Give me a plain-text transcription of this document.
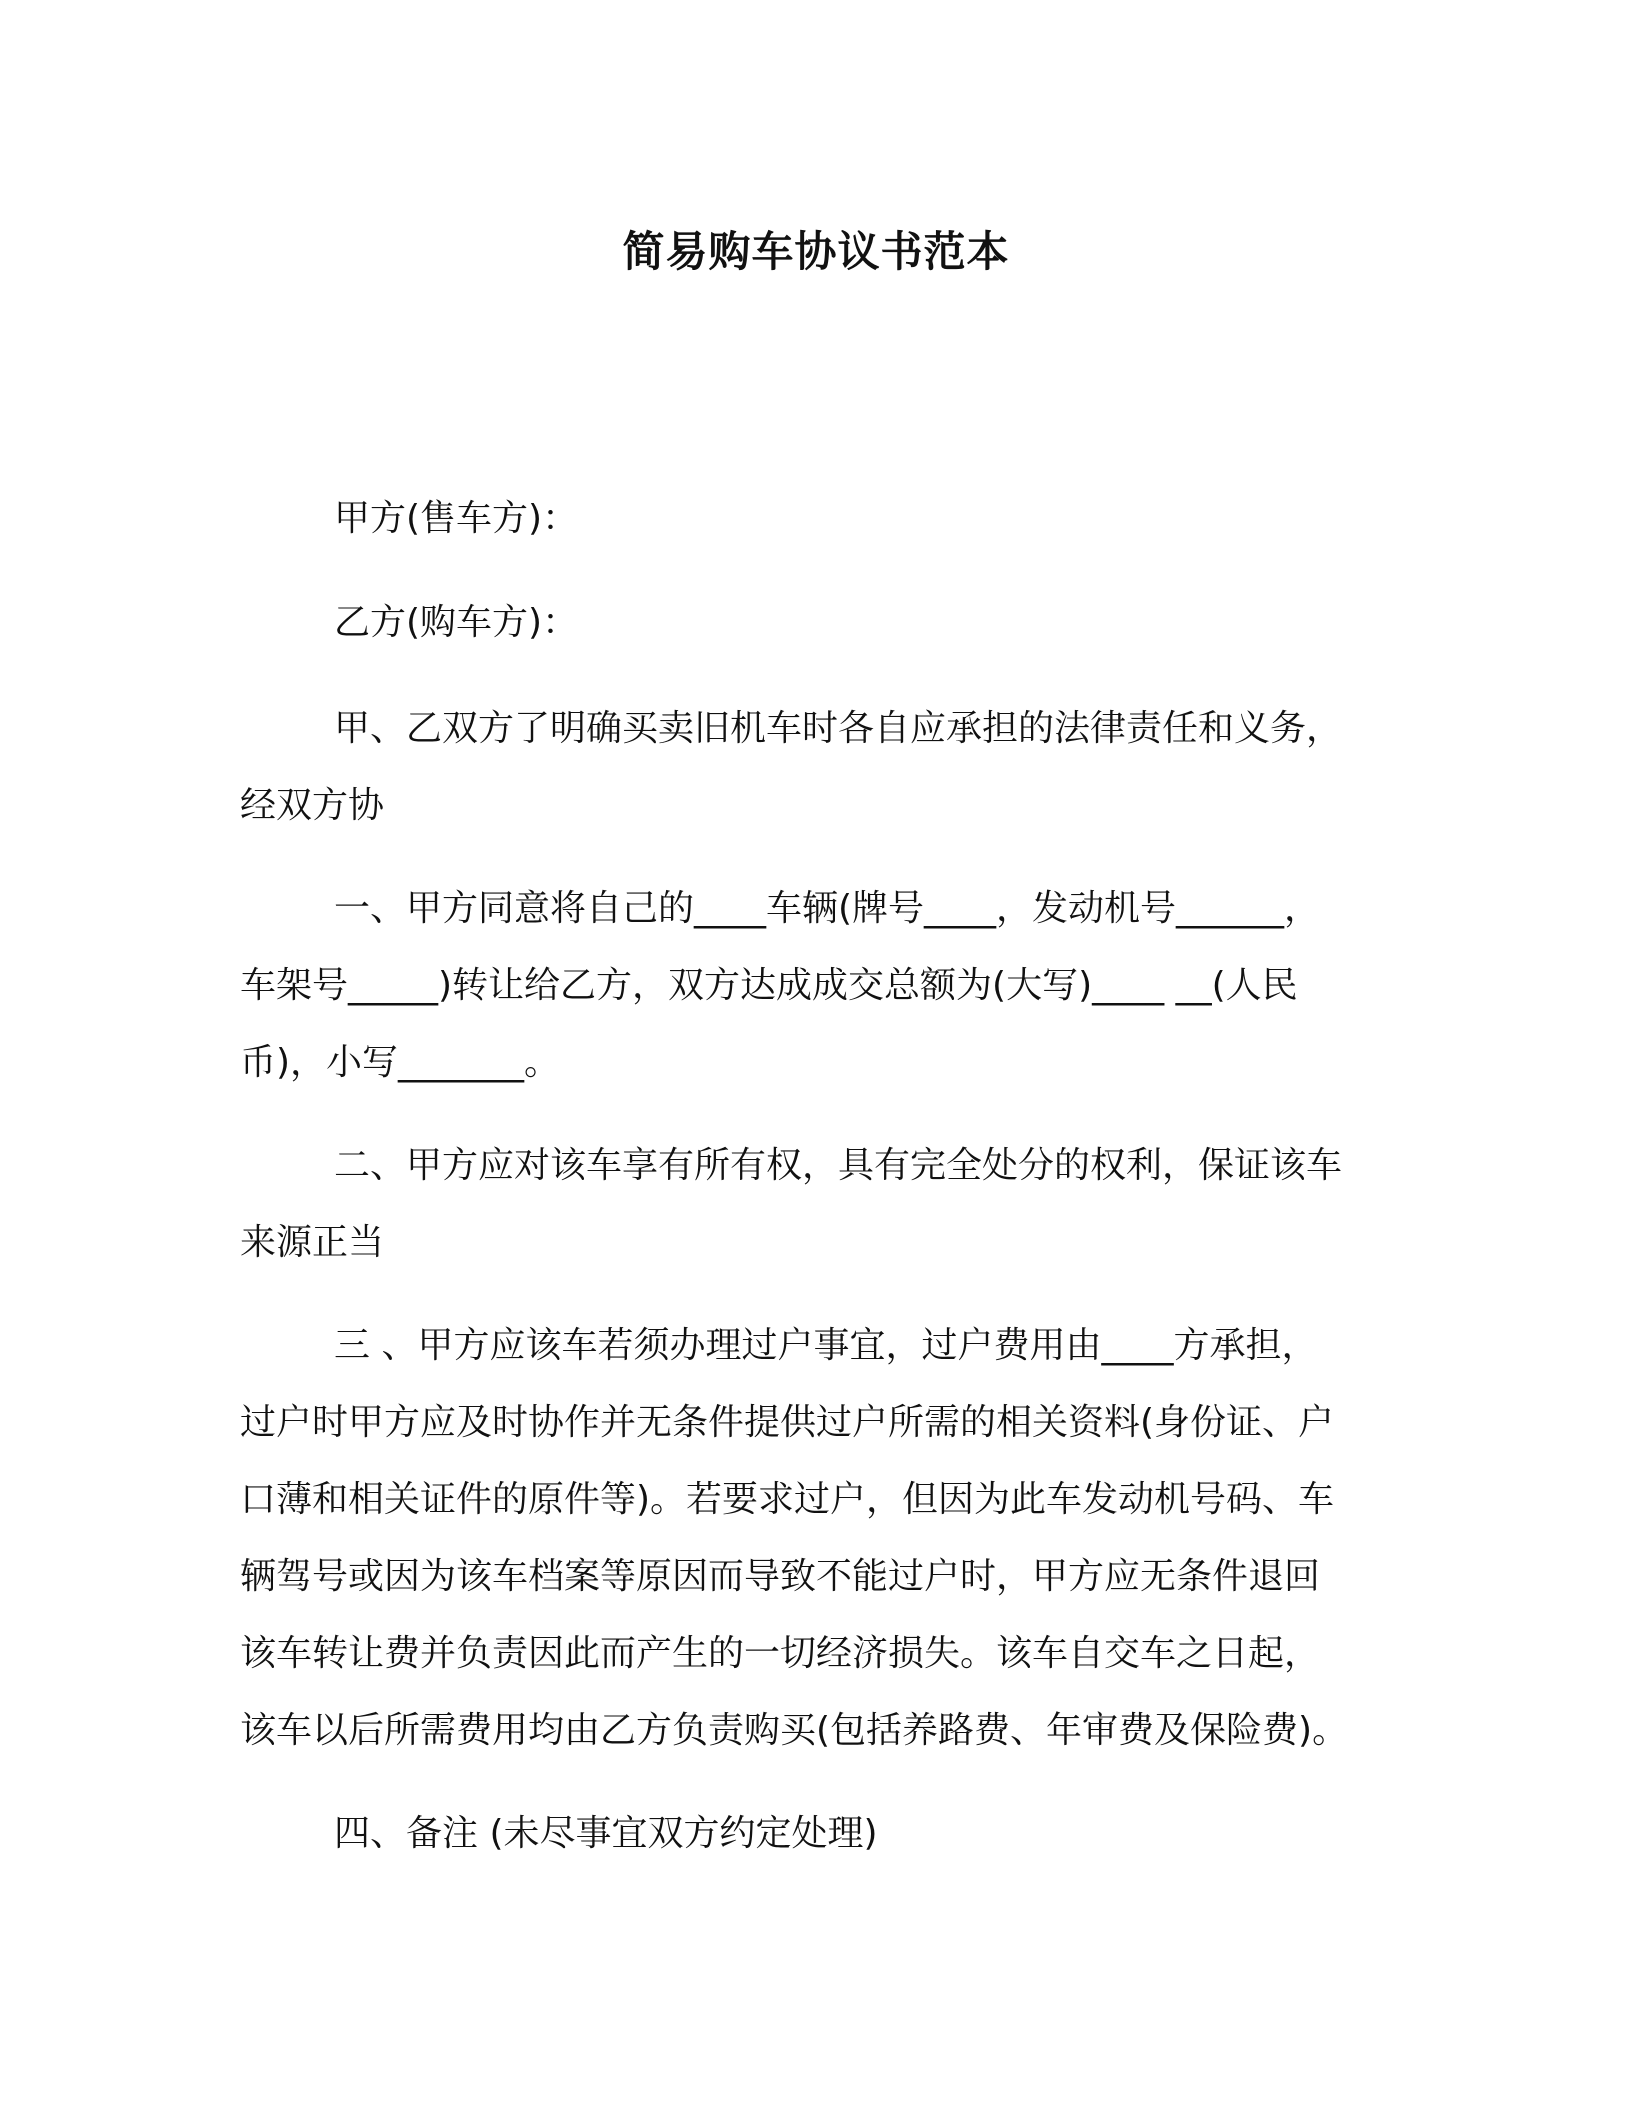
简易购车协议书范本
甲方(售车方)：
乙方(购车方)：
甲、乙双方了明确买卖旧机车时各自应承担的法律责任和义务，
经双方协
一、甲方同意将自己的____车辆(牌号____，发动机号______，
车架号_____)转让给乙方，双方达成成交总额为(大写)____ __(人民
币)，小写_______。
二、甲方应对该车享有所有权，具有完全处分的权利，保证该车
来源正当
三 、甲方应该车若须办理过户事宜，过户费用由____方承担，
过户时甲方应及时协作并无条件提供过户所需的相关资料(身份证、户
口薄和相关证件的原件等)。若要求过户，但因为此车发动机号码、车
辆驾号或因为该车档案等原因而导致不能过户时，甲方应无条件退回
该车转让费并负责因此而产生的一切经济损失。该车自交车之日起，
该车以后所需费用均由乙方负责购买(包括养路费、年审费及保险费)。
四、备注 (未尽事宜双方约定处理)
